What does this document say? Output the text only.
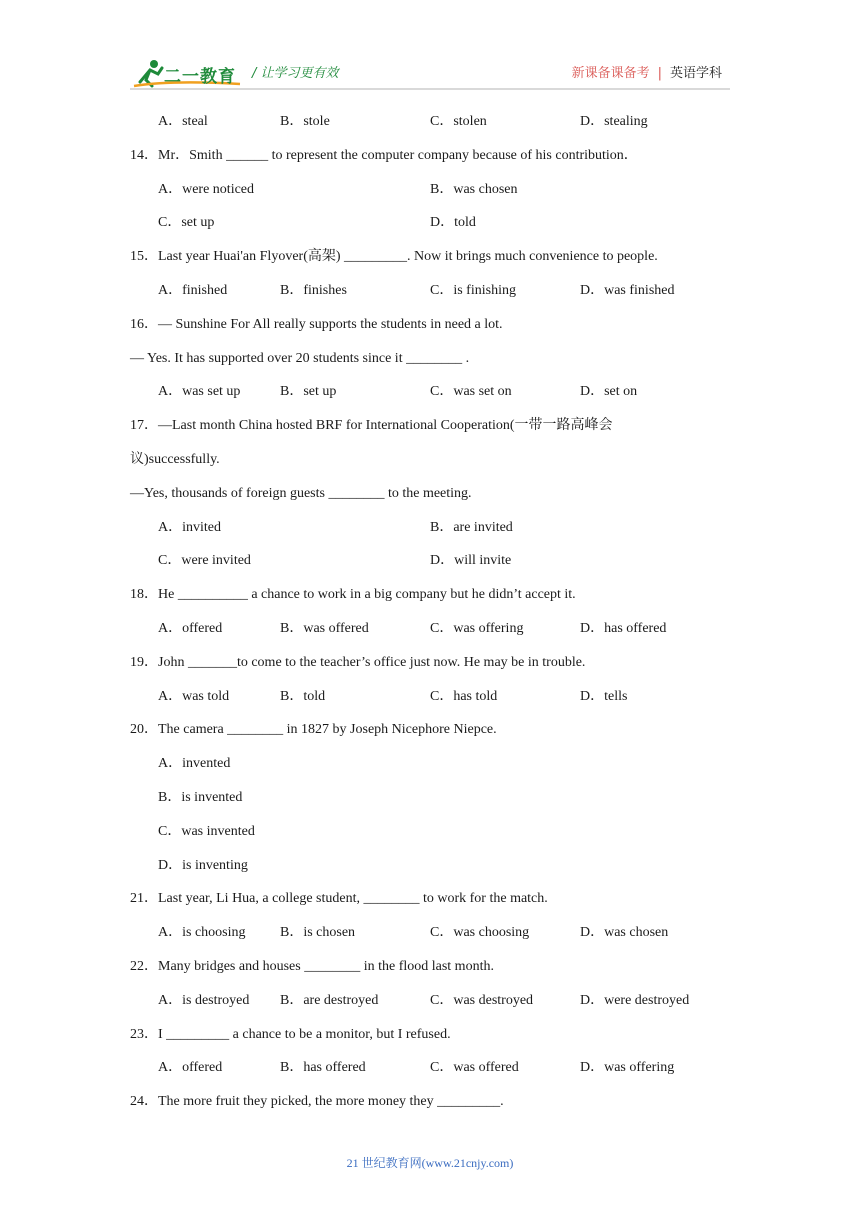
二一教育 / 让学习更有效	新课备课备考 | 英语学科
A．steal	B．stole	C．stolen	D．stealing
14．Mr．Smith ______ to represent the computer company because of his contribution．
A．were noticed	B．was chosen
C．set up	D．told
15．Last year Huai'an Flyover(高架) _________. Now it brings much convenience to people.
A．finished	B．finishes	C．is finishing	D．was finished
16．— Sunshine For All really supports the students in need a lot.
— Yes. It has supported over 20 students since it ________ .
A．was set up	B．set up	C．was set on	D．set on
17．—Last month China hosted BRF for International Cooperation(一带一路高峰会
议)successfully.
—Yes, thousands of foreign guests ________ to the meeting.
A．invited	B．are invited
C．were invited	D．will invite
18．He __________ a chance to work in a big company but he didn’t accept it.
A．offered	B．was offered	C．was offering	D．has offered
19．John _______to come to the teacher’s office just now. He may be in trouble.
A．was told	B．told	C．has told	D．tells
20．The camera ________ in 1827 by Joseph Nicephore Niepce.
A．invented
B．is invented
C．was invented
D．is inventing
21．Last year, Li Hua, a college student, ________ to work for the match.
A．is choosing B．is chosen	C．was choosing	D．was chosen
22．Many bridges and houses ________ in the flood last month.
A．is destroyed B．are destroyed	C．was destroyed	D．were destroyed
23．I _________ a chance to be a monitor, but I refused.
A．offered	B．has offered	C．was offered	D．was offering
24．The more fruit they picked, the more money they _________.
21 世纪教育网(www.21cnjy.com)
